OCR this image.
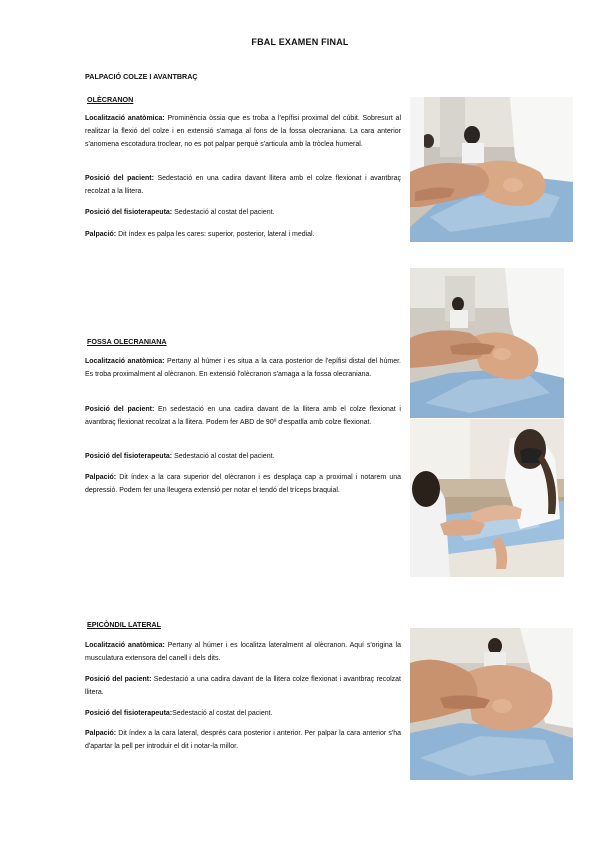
FBAL EXAMEN FINAL
PALPACIÓ COLZE I AVANTBRAÇ
OLÈCRANON
Localització anatòmica: Prominència òssia que es troba a l'epífisi proximal del cúbit. Sobresurt al realitzar la flexió del colze i en extensió s'amaga al fons de la fossa olecraniana. La cara anterior s'anomena escotadura troclear, no es pot palpar perquè s'articula amb la tròclea humeral.
Posició del pacient: Sedestació en una cadira davant llitera amb el colze flexionat i avantbraç recolzat a la llitera.
Posició del fisioterapeuta: Sedestació al costat del pacient.
Palpació: Dit índex es palpa les cares: superior, posterior, lateral i medial.
FOSSA OLECRANIANA
Localització anatòmica: Pertany al húmer i es situa a la cara posterior de l'epífisi distal del húmer. Es troba proximalment al olècranon. En extensió l'olècranon s'amaga a la fossa olecraniana.
Posició del pacient: En sedestació en una cadira davant de la llitera amb el colze flexionat i avantbraç flexionat recolzat a la llitera. Podem fer ABD de 90º d'espatlla amb colze flexionat.
Posició del fisioterapeuta: Sedestació al costat del pacient.
Palpació: Dit índex a la cara superior del olècranon i es desplaça cap a proximal i notarem una depressió. Podem fer una lleugera extensió per notar el tendó del tríceps braquial.
EPICÒNDIL LATERAL
Localització anatòmica: Pertany al húmer i es localitza lateralment al olècranon. Aquí s'origina la musculatura extensora del canell i dels dits.
Posició del pacient: Sedestació a una cadira davant de la llitera colze flexionat i avantbraç recolzat llitera.
Posició del fisioterapeuta:Sedestació al costat del pacient.
Palpació: Dit índex a la cara lateral, després cara posterior i anterior. Per palpar la cara anterior s'ha d'apartar la pell per introduir el dit i notar-la millor.
